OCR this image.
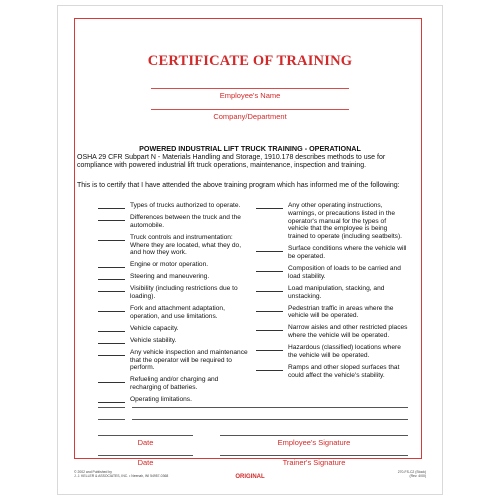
CERTIFICATE OF TRAINING
Employee's Name
Company/Department
POWERED INDUSTRIAL LIFT TRUCK TRAINING - OPERATIONAL
OSHA 29 CFR Subpart N - Materials Handling and Storage, 1910.178 describes methods to use for compliance with powered industrial lift truck operations, maintenance, inspection and training.
This is to certify that I have attended the above training program which has informed me of the following:
Types of trucks authorized to operate.
Differences between the truck and the automobile.
Truck controls and instrumentation: Where they are located, what they do, and how they work.
Engine or motor operation.
Steering and maneuvering.
Visibility (including restrictions due to loading).
Fork and attachment adaptation, operation, and use limitations.
Vehicle capacity.
Vehicle stability.
Any vehicle inspection and maintenance that the operator will be required to perform.
Refueling and/or charging and recharging of batteries.
Operating limitations.
Any other operating instructions, warnings, or precautions listed in the operator's manual for the types of vehicle that the employee is being trained to operate (including seatbelts).
Surface conditions where the vehicle will be operated.
Composition of loads to be carried and load stability.
Load manipulation, stacking, and unstacking.
Pedestrian traffic in areas where the vehicle will be operated.
Narrow aisles and other restricted places where the vehicle will be operated.
Hazardous (classified) locations where the vehicle will be operated.
Ramps and other sloped surfaces that could affect the vehicle's stability.
Date	Employee's Signature
Date	Trainer's Signature
© 2002 and Published by
J. J. KELLER & ASSOCIATES, INC. • Neenah, WI 54957-0368	ORIGINAL
270-FS-C2 (Stock)
(Rev. 4/00)
